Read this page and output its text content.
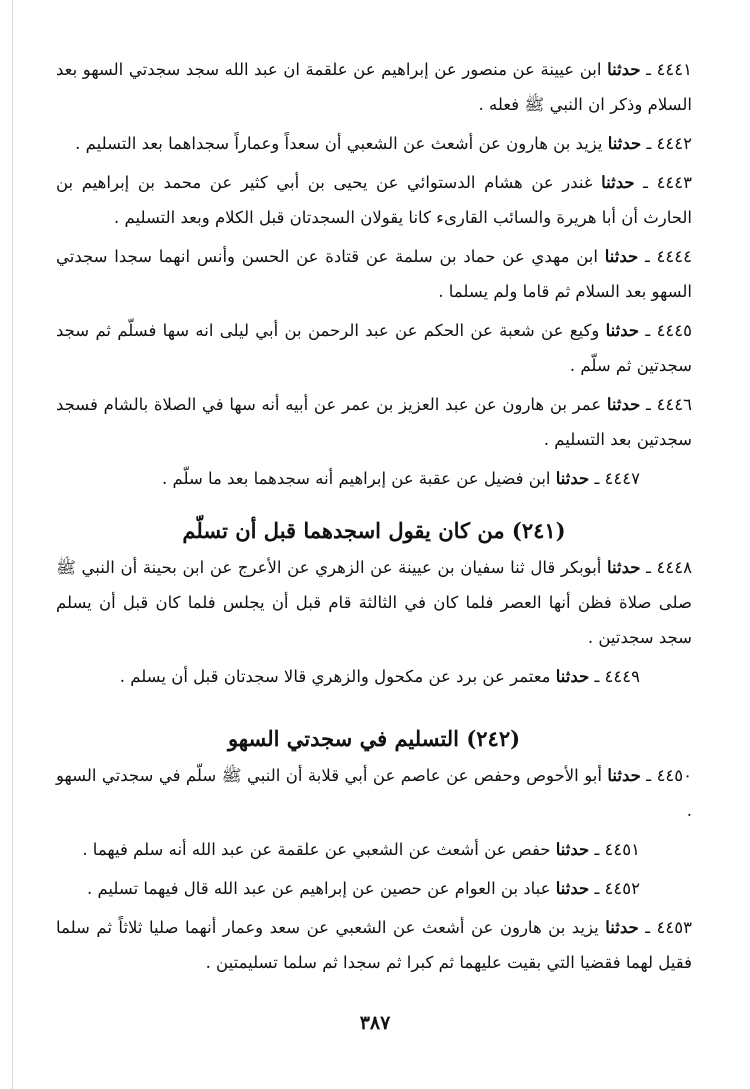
٤٤٤١ ـ حدثنا ابن عيينة عن منصور عن إبراهيم عن علقمة ان عبد الله سجد سجدتي السهو بعد السلام وذكر ان النبي ﷺ فعله .

٤٤٤٢ ـ حدثنا يزيد بن هارون عن أشعث عن الشعبي أن سعداً وعماراً سجداهما بعد التسليم .

٤٤٤٣ ـ حدثنا غندر عن هشام الدستوائي عن يحيى بن أبي كثير عن محمد بن إبراهيم بن الحارث أن أبا هريرة والسائب القارىء كانا يقولان السجدتان قبل الكلام وبعد التسليم .

٤٤٤٤ ـ حدثنا ابن مهدي عن حماد بن سلمة عن قتادة عن الحسن وأنس انهما سجدا سجدتي السهو بعد السلام ثم قاما ولم يسلما .

٤٤٤٥ ـ حدثنا وكيع عن شعبة عن الحكم عن عبد الرحمن بن أبي ليلى انه سها فسلّم ثم سجد سجدتين ثم سلّم .

٤٤٤٦ ـ حدثنا عمر بن هارون عن عبد العزيز بن عمر عن أبيه أنه سها في الصلاة بالشام فسجد سجدتين بعد التسليم .

٤٤٤٧ ـ حدثنا ابن فضيل عن عقبة عن إبراهيم أنه سجدهما بعد ما سلّم .

(٢٤١) من كان يقول اسجدهما قبل أن تسلّم

٤٤٤٨ ـ حدثنا أبوبكر قال ثنا سفيان بن عيينة عن الزهري عن الأعرج عن ابن بحينة أن النبي ﷺ صلى صلاة فظن أنها العصر فلما كان في الثالثة قام قبل أن يجلس فلما كان قبل أن يسلم سجد سجدتين .

٤٤٤٩ ـ حدثنا معتمر عن برد عن مكحول والزهري قالا سجدتان قبل أن يسلم .

(٢٤٢) التسليم في سجدتي السهو

٤٤٥٠ ـ حدثنا أبو الأحوص وحفص عن عاصم عن أبي قلابة أن النبي ﷺ سلّم في سجدتي السهو .

٤٤٥١ ـ حدثنا حفص عن أشعث عن الشعبي عن علقمة عن عبد الله أنه سلم فيهما .

٤٤٥٢ ـ حدثنا عباد بن العوام عن حصين عن إبراهيم عن عبد الله قال فيهما تسليم .

٤٤٥٣ ـ حدثنا يزيد بن هارون عن أشعث عن الشعبي عن سعد وعمار أنهما صليا ثلاثاً ثم سلما فقيل لهما فقضيا التي بقيت عليهما ثم كبرا ثم سجدا ثم سلما تسليمتين .

٣٨٧
